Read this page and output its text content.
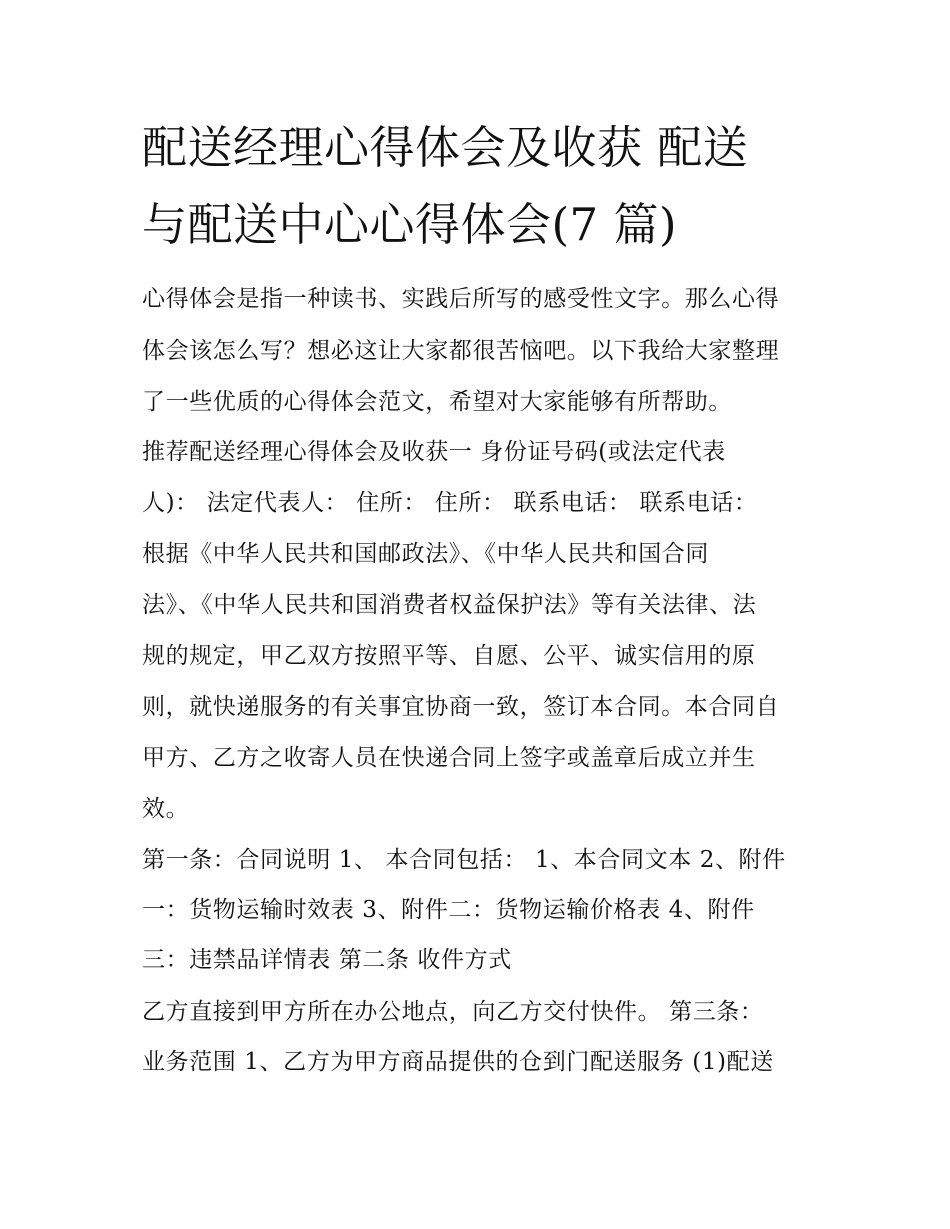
配送经理心得体会及收获 配送
与配送中心心得体会(7 篇)
心得体会是指一种读书、实践后所写的感受性文字。那么心得
体会该怎么写？想必这让大家都很苦恼吧。以下我给大家整理
了一些优质的心得体会范文，希望对大家能够有所帮助。
推荐配送经理心得体会及收获一 身份证号码(或法定代表
人)： 法定代表人： 住所： 住所： 联系电话： 联系电话：
根据《中华人民共和国邮政法》、《中华人民共和国合同
法》、《中华人民共和国消费者权益保护法》等有关法律、法
规的规定，甲乙双方按照平等、自愿、公平、诚实信用的原
则，就快递服务的有关事宜协商一致，签订本合同。本合同自
甲方、乙方之收寄人员在快递合同上签字或盖章后成立并生
效。
第一条：合同说明 1、 本合同包括： 1、本合同文本 2、附件
一：货物运输时效表 3、附件二：货物运输价格表 4、附件
三：违禁品详情表 第二条 收件方式
乙方直接到甲方所在办公地点，向乙方交付快件。 第三条：
业务范围 1、乙方为甲方商品提供的仓到门配送服务 (1)配送
